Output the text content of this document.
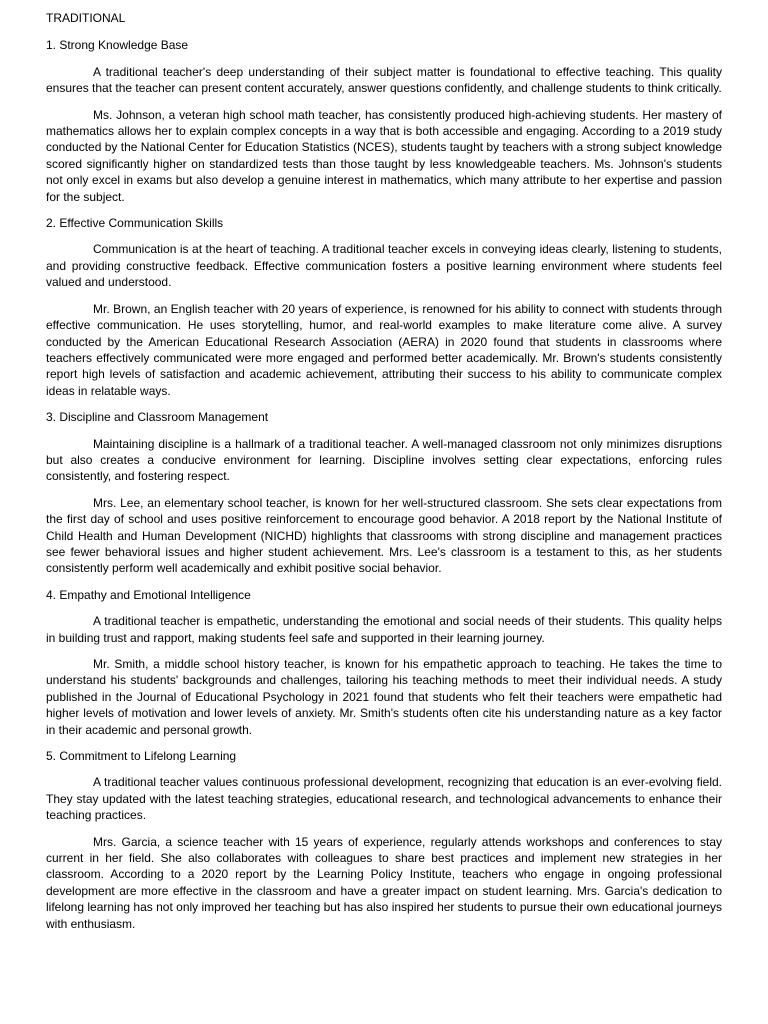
TRADITIONAL
1. Strong Knowledge Base

A traditional teacher's deep understanding of their subject matter is foundational to effective teaching. This quality ensures that the teacher can present content accurately, answer questions confidently, and challenge students to think critically.

Ms. Johnson, a veteran high school math teacher, has consistently produced high-achieving students. Her mastery of mathematics allows her to explain complex concepts in a way that is both accessible and engaging. According to a 2019 study conducted by the National Center for Education Statistics (NCES), students taught by teachers with a strong subject knowledge scored significantly higher on standardized tests than those taught by less knowledgeable teachers. Ms. Johnson's students not only excel in exams but also develop a genuine interest in mathematics, which many attribute to her expertise and passion for the subject.

2. Effective Communication Skills

Communication is at the heart of teaching. A traditional teacher excels in conveying ideas clearly, listening to students, and providing constructive feedback. Effective communication fosters a positive learning environment where students feel valued and understood.

Mr. Brown, an English teacher with 20 years of experience, is renowned for his ability to connect with students through effective communication. He uses storytelling, humor, and real-world examples to make literature come alive. A survey conducted by the American Educational Research Association (AERA) in 2020 found that students in classrooms where teachers effectively communicated were more engaged and performed better academically. Mr. Brown's students consistently report high levels of satisfaction and academic achievement, attributing their success to his ability to communicate complex ideas in relatable ways.

3. Discipline and Classroom Management

Maintaining discipline is a hallmark of a traditional teacher. A well-managed classroom not only minimizes disruptions but also creates a conducive environment for learning. Discipline involves setting clear expectations, enforcing rules consistently, and fostering respect.

Mrs. Lee, an elementary school teacher, is known for her well-structured classroom. She sets clear expectations from the first day of school and uses positive reinforcement to encourage good behavior. A 2018 report by the National Institute of Child Health and Human Development (NICHD) highlights that classrooms with strong discipline and management practices see fewer behavioral issues and higher student achievement. Mrs. Lee's classroom is a testament to this, as her students consistently perform well academically and exhibit positive social behavior.

4. Empathy and Emotional Intelligence

A traditional teacher is empathetic, understanding the emotional and social needs of their students. This quality helps in building trust and rapport, making students feel safe and supported in their learning journey.

Mr. Smith, a middle school history teacher, is known for his empathetic approach to teaching. He takes the time to understand his students' backgrounds and challenges, tailoring his teaching methods to meet their individual needs. A study published in the Journal of Educational Psychology in 2021 found that students who felt their teachers were empathetic had higher levels of motivation and lower levels of anxiety. Mr. Smith's students often cite his understanding nature as a key factor in their academic and personal growth.

5. Commitment to Lifelong Learning

A traditional teacher values continuous professional development, recognizing that education is an ever-evolving field. They stay updated with the latest teaching strategies, educational research, and technological advancements to enhance their teaching practices.

Mrs. Garcia, a science teacher with 15 years of experience, regularly attends workshops and conferences to stay current in her field. She also collaborates with colleagues to share best practices and implement new strategies in her classroom. According to a 2020 report by the Learning Policy Institute, teachers who engage in ongoing professional development are more effective in the classroom and have a greater impact on student learning. Mrs. Garcia's dedication to lifelong learning has not only improved her teaching but has also inspired her students to pursue their own educational journeys with enthusiasm.
